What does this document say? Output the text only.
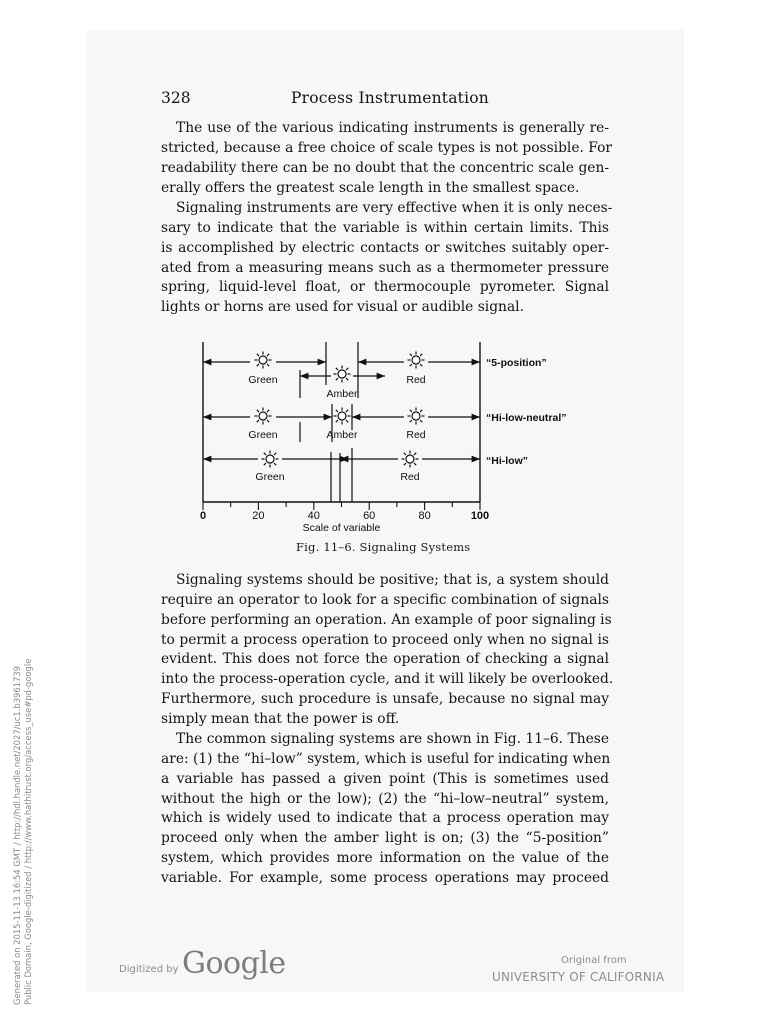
328	Process Instrumentation
The use of the various indicating instruments is generally re-
stricted, because a free choice of scale types is not possible. For
readability there can be no doubt that the concentric scale gen-
erally offers the greatest scale length in the smallest space.
Signaling instruments are very effective when it is only neces-
sary to indicate that the variable is within certain limits. This
is accomplished by electric contacts or switches suitably oper-
ated from a measuring means such as a thermometer pressure
spring, liquid-level float, or thermocouple pyrometer. Signal
lights or horns are used for visual or audible signal.
Green
Amber
Red
“5-position”
Green	Amber	Red
“Hi-low-neutral”
Green	Red
“Hi-low”
0	20	40	60	80	100
Scale of variable
Fig. 11–6. Signaling Systems
Signaling systems should be positive; that is, a system should
require an operator to look for a specific combination of signals
before performing an operation. An example of poor signaling is
to permit a process operation to proceed only when no signal is
evident. This does not force the operation of checking a signal
into the process-operation cycle, and it will likely be overlooked.
Furthermore, such procedure is unsafe, because no signal may
simply mean that the power is off.
The common signaling systems are shown in Fig. 11–6. These
are: (1) the “hi–low” system, which is useful for indicating when
a variable has passed a given point (This is sometimes used
without the high or the low); (2) the “hi–low–neutral” system,
which is widely used to indicate that a process operation may
proceed only when the amber light is on; (3) the “5-position”
system, which provides more information on the value of the
variable. For example, some process operations may proceed
Generated on 2015-11-13 16:54 GMT / http://hdl.handle.net/2027/uc1.b3961739 Public Domain, Google-digitized / http://www.hathitrust.org/access_use#pd-google	Digitized by Google	Original from
UNIVERSITY OF CALIFORNIA
